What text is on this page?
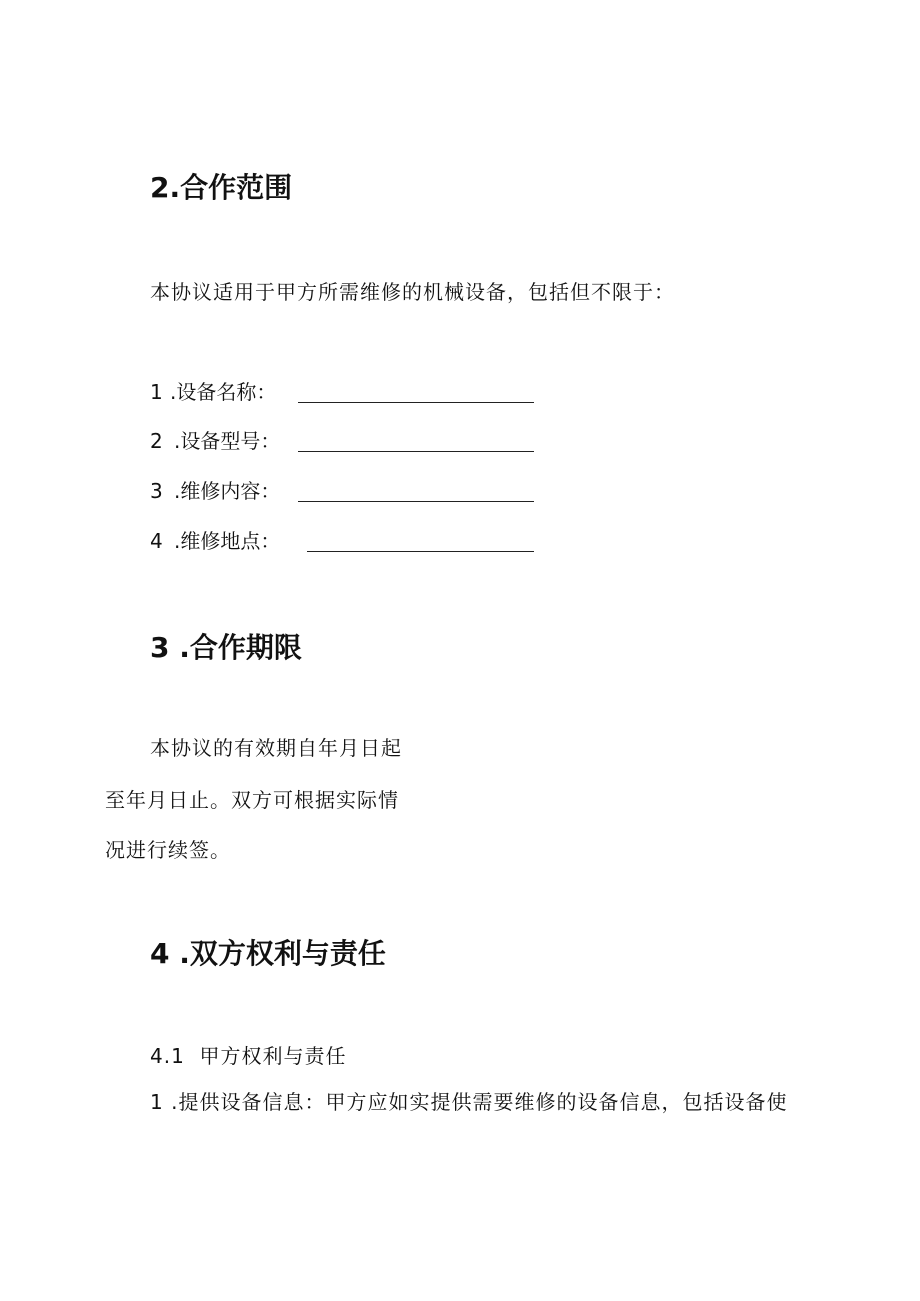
2.合作范围
本协议适用于甲方所需维修的机械设备，包括但不限于：
1 .设备名称：
2 .设备型号：
3 .维修内容：
4 .维修地点：
3 .合作期限
本协议的有效期自年月日起
至年月日止。双方可根据实际情
况进行续签。
4 .双方权利与责任
4.1  甲方权利与责任
1 .提供设备信息：甲方应如实提供需要维修的设备信息，包括设备使
